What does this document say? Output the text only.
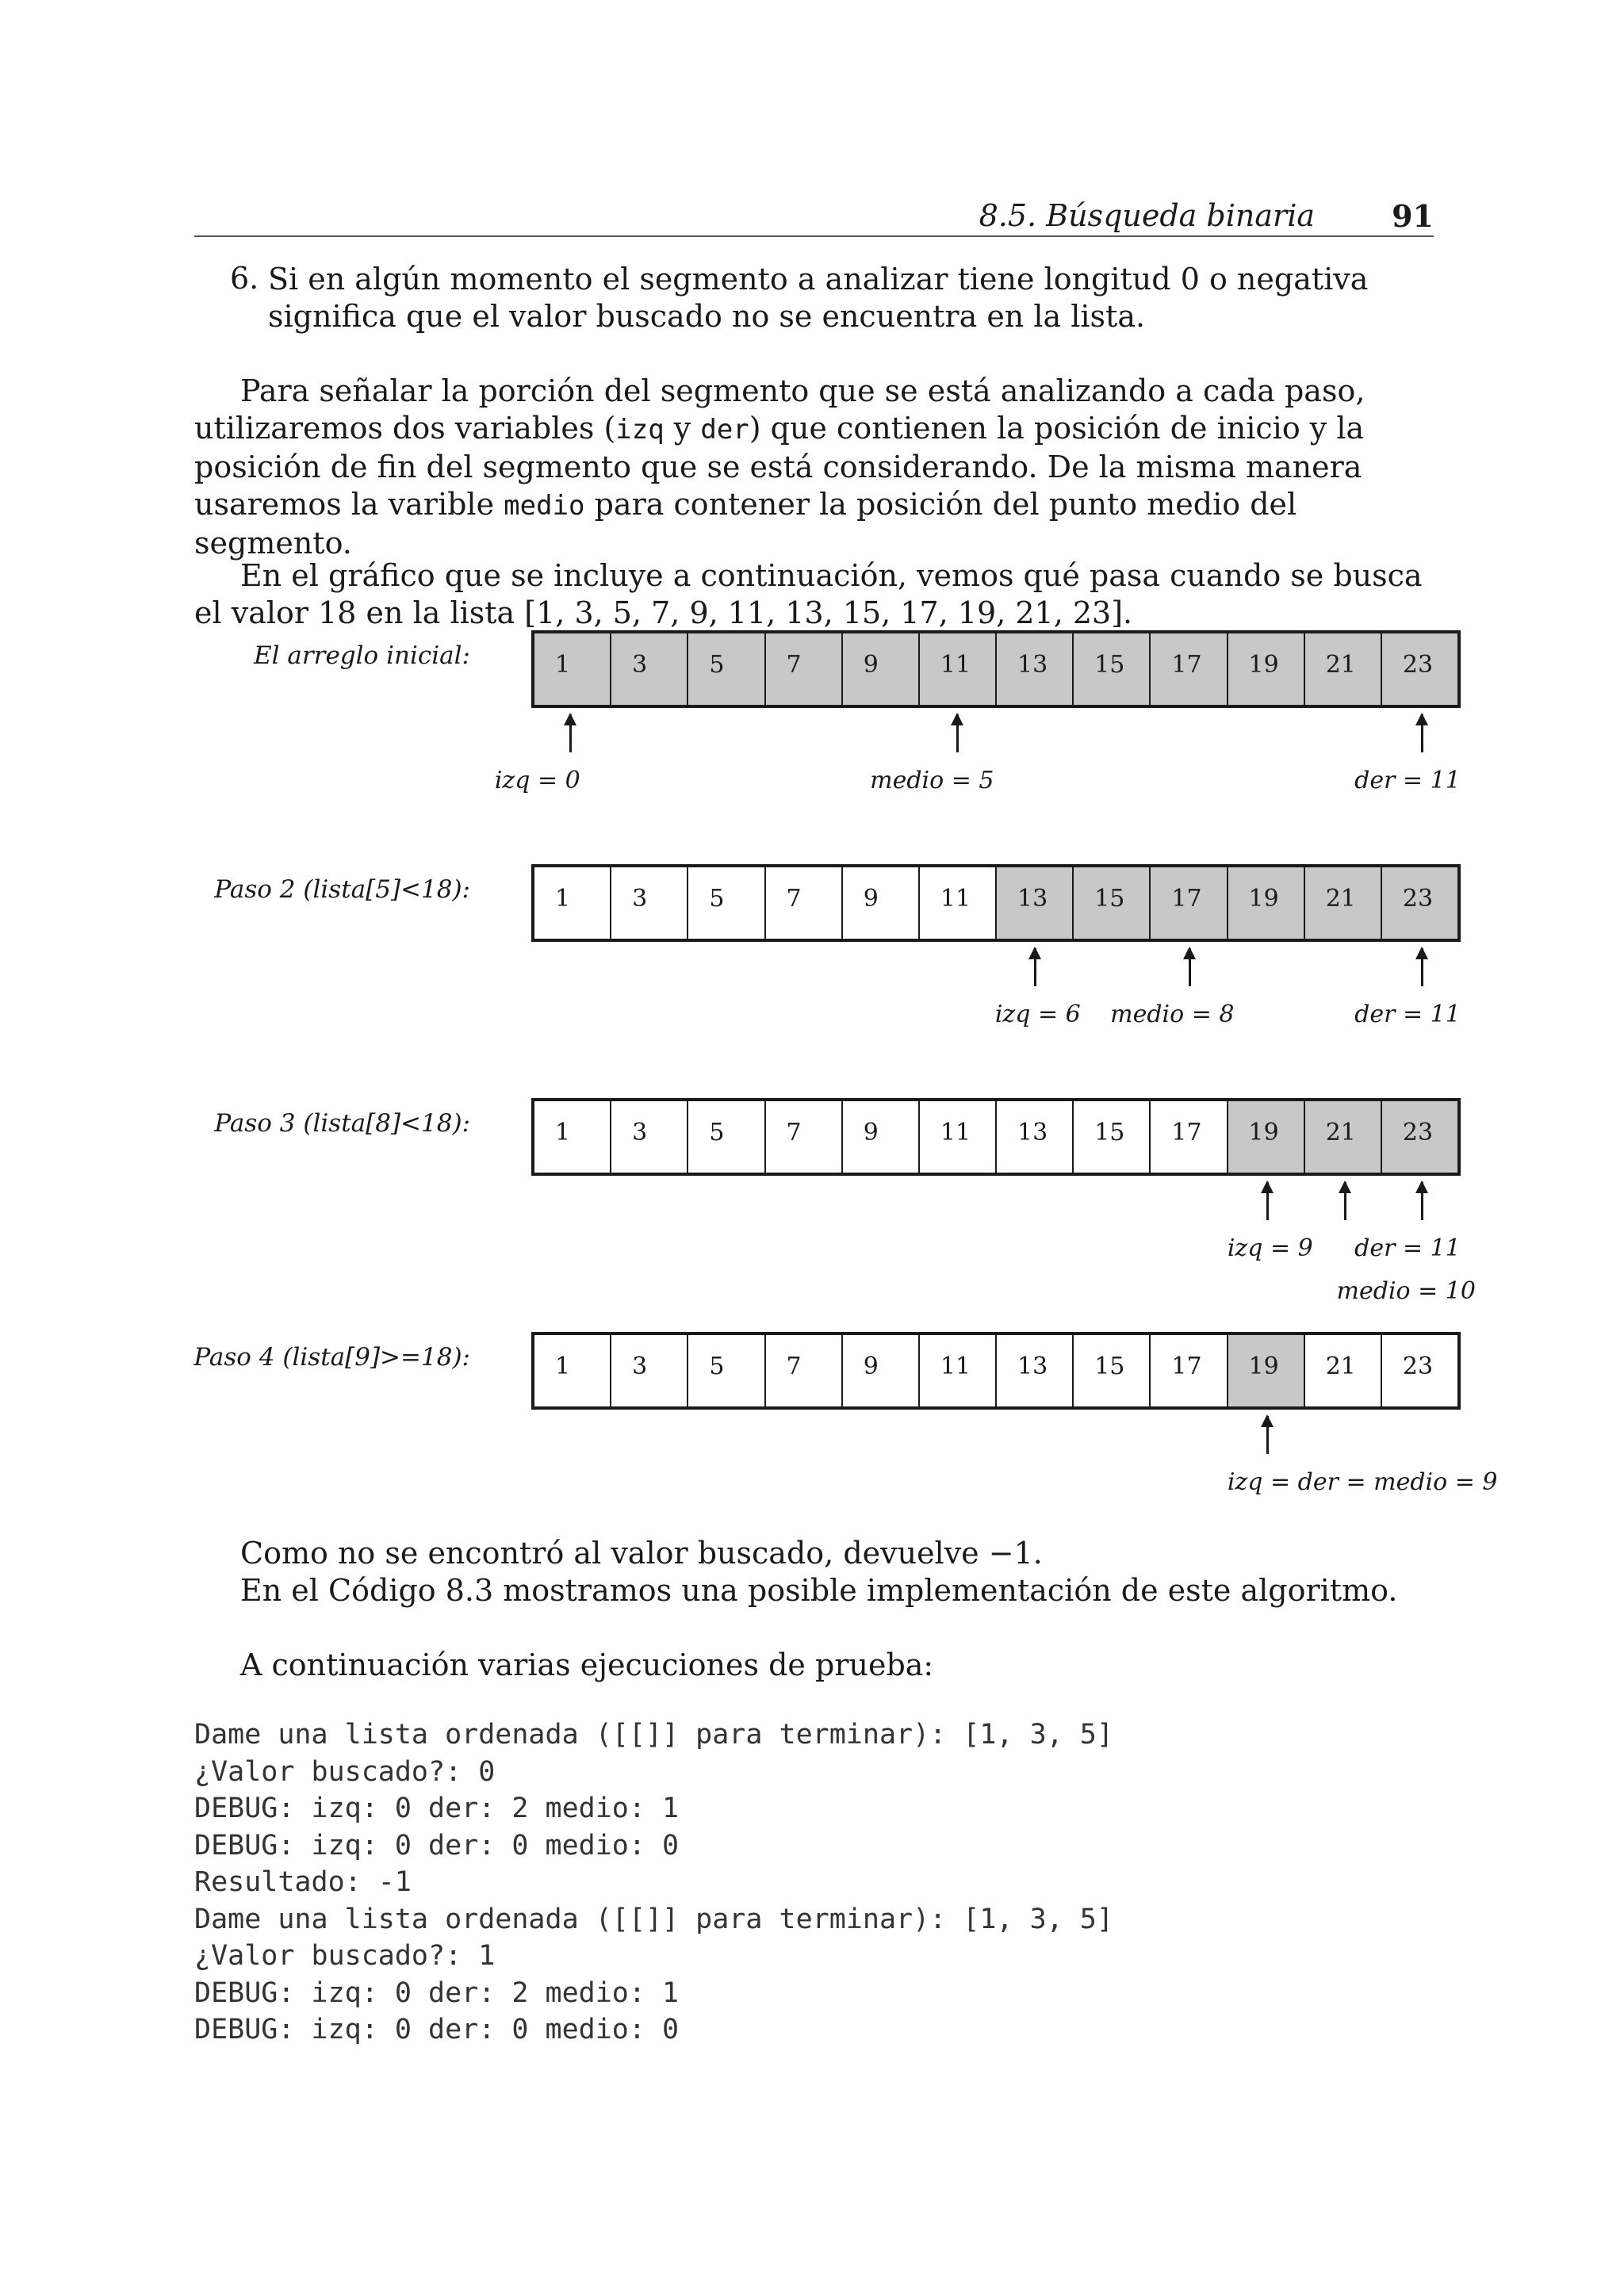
8.5. Búsqueda binaria	91
6. Si en algún momento el segmento a analizar tiene longitud 0 o negativa significa que el valor buscado no se encuentra en la lista.
Para señalar la porción del segmento que se está analizando a cada paso, utilizaremos dos variables (izq y der) que contienen la posición de inicio y la posición de fin del segmento que se está considerando. De la misma manera usaremos la varible medio para contener la posición del punto medio del segmento.
En el gráfico que se incluye a continuación, vemos qué pasa cuando se busca el valor 18 en la lista [1, 3, 5, 7, 9, 11, 13, 15, 17, 19, 21, 23].
El arreglo inicial:	1	3	5	7	9	11	13	15	17	19	21	23
izq = 0	medio = 5	der = 11
Paso 2 (lista[5]<18):	1	3	5	7	9	11	13	15	17	19	21	23
izq = 6 medio = 8	der = 11
Paso 3 (lista[8]<18):	1	3	5	7	9	11	13	15	17	19	21	23
izq = 9
medio = 10
der = 11
Paso 4 (lista[9]>=18):	1	3	5	7	9	11	13	15	17	19	21	23
izq = der = medio = 9
Como no se encontró al valor buscado, devuelve −1.
En el Código 8.3 mostramos una posible implementación de este algoritmo.
A continuación varias ejecuciones de prueba:
Dame una lista ordenada ([[]] para terminar): [1, 3, 5]
¿Valor buscado?: 0
DEBUG: izq: 0 der: 2 medio: 1
DEBUG: izq: 0 der: 0 medio: 0
Resultado: -1
Dame una lista ordenada ([[]] para terminar): [1, 3, 5]
¿Valor buscado?: 1
DEBUG: izq: 0 der: 2 medio: 1
DEBUG: izq: 0 der: 0 medio: 0
